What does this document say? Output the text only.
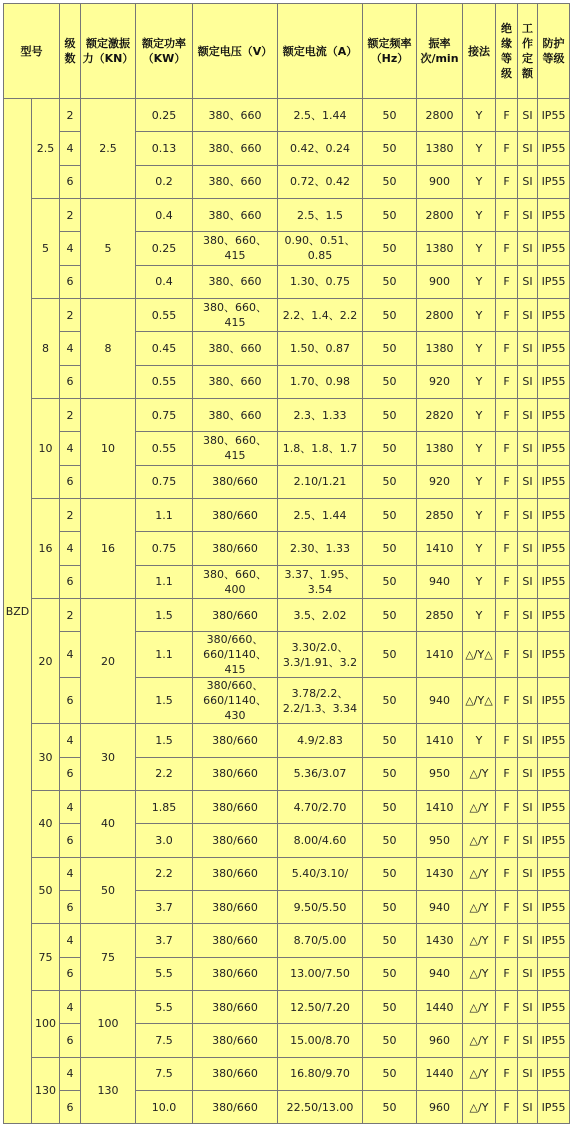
型号		级数	额定激振力（KN）	额定功率（KW）	额定电压（V）	额定电流（A）	额定频率（Hz）	振率次/min	接法	绝缘等级	工作定额	防护等级
BZD	2.5	2	2.5	0.25	380、660	2.5、1.44	50	2800	Y	F	SI	IP55
		4		0.13	380、660	0.42、0.24	50	1380	Y	F	SI	IP55
		6		0.2	380、660	0.72、0.42	50	900	Y	F	SI	IP55
	5	2	5	0.4	380、660	2.5、1.5	50	2800	Y	F	SI	IP55
		4		0.25	380、660、415	0.90、0.51、0.85	50	1380	Y	F	SI	IP55
		6		0.4	380、660	1.30、0.75	50	900	Y	F	SI	IP55
	8	2	8	0.55	380、660、415	2.2、1.4、2.2	50	2800	Y	F	SI	IP55
		4		0.45	380、660	1.50、0.87	50	1380	Y	F	SI	IP55
		6		0.55	380、660	1.70、0.98	50	920	Y	F	SI	IP55
	10	2	10	0.75	380、660	2.3、1.33	50	2820	Y	F	SI	IP55
		4		0.55	380、660、415	1.8、1.8、1.7	50	1380	Y	F	SI	IP55
		6		0.75	380/660	2.10/1.21	50	920	Y	F	SI	IP55
	16	2	16	1.1	380/660	2.5、1.44	50	2850	Y	F	SI	IP55
		4		0.75	380/660	2.30、1.33	50	1410	Y	F	SI	IP55
		6		1.1	380、660、400	3.37、1.95、3.54	50	940	Y	F	SI	IP55
	20	2	20	1.5	380/660	3.5、2.02	50	2850	Y	F	SI	IP55
		4		1.1	380/660、660/1140、415	3.30/2.0、3.3/1.91、3.2	50	1410	△/Y△	F	SI	IP55
		6		1.5	380/660、660/1140、430	3.78/2.2、2.2/1.3、3.34	50	940	△/Y△	F	SI	IP55
	30	4	30	1.5	380/660	4.9/2.83	50	1410	Y	F	SI	IP55
		6		2.2	380/660	5.36/3.07	50	950	△/Y	F	SI	IP55
	40	4	40	1.85	380/660	4.70/2.70	50	1410	△/Y	F	SI	IP55
		6		3.0	380/660	8.00/4.60	50	950	△/Y	F	SI	IP55
	50	4	50	2.2	380/660	5.40/3.10/	50	1430	△/Y	F	SI	IP55
		6		3.7	380/660	9.50/5.50	50	940	△/Y	F	SI	IP55
	75	4	75	3.7	380/660	8.70/5.00	50	1430	△/Y	F	SI	IP55
		6		5.5	380/660	13.00/7.50	50	940	△/Y	F	SI	IP55
	100	4	100	5.5	380/660	12.50/7.20	50	1440	△/Y	F	SI	IP55
		6		7.5	380/660	15.00/8.70	50	960	△/Y	F	SI	IP55
	130	4	130	7.5	380/660	16.80/9.70	50	1440	△/Y	F	SI	IP55
		6		10.0	380/660	22.50/13.00	50	960	△/Y	F	SI	IP55
